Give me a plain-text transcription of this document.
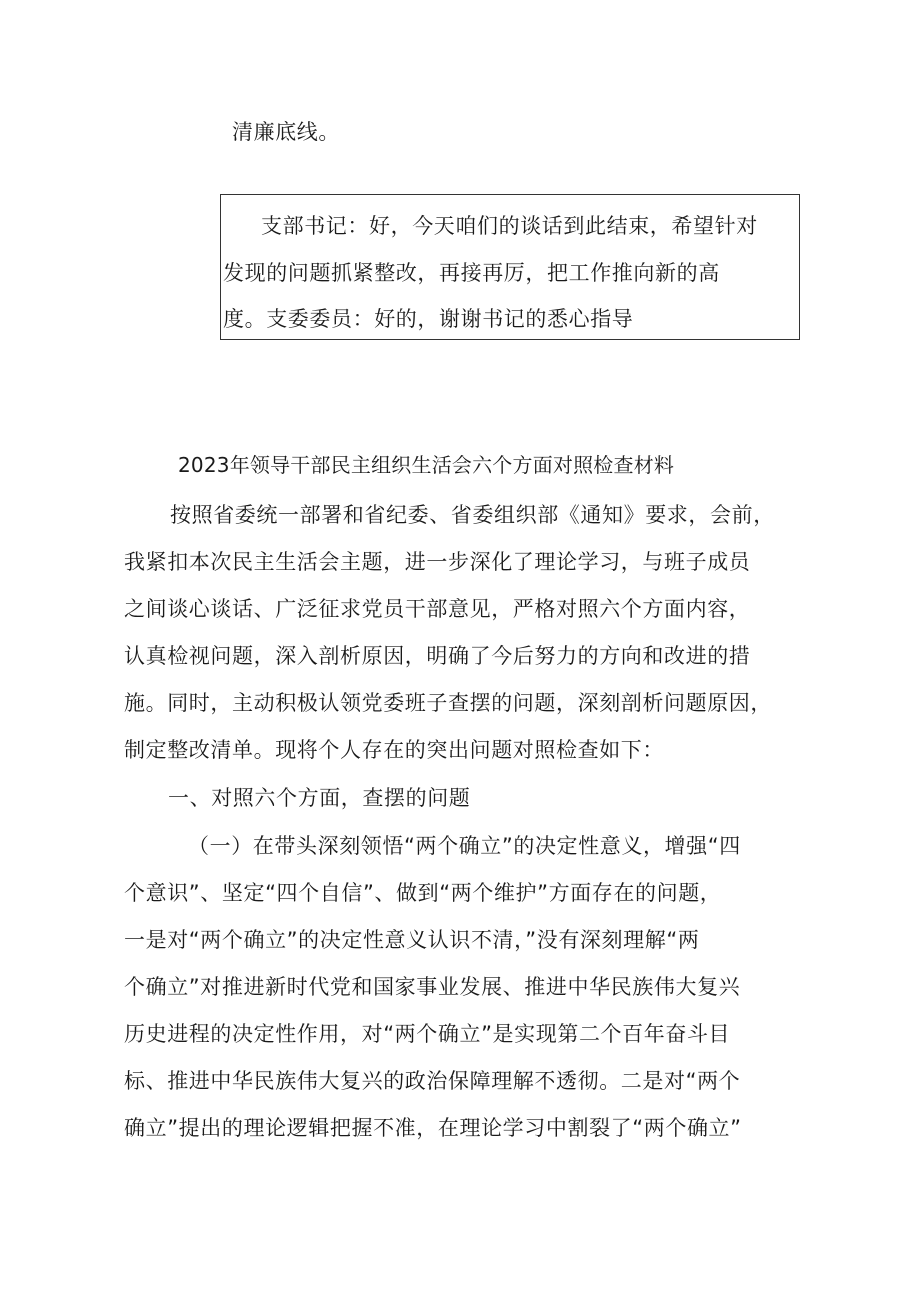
清廉底线。
支部书记：好，今天咱们的谈话到此结束，希望针对
发现的问题抓紧整改，再接再厉，把工作推向新的高
度。支委委员：好的，谢谢书记的悉心指导
2023年领导干部民主组织生活会六个方面对照检查材料
按照省委统一部署和省纪委、省委组织部《通知》要求，会前，
我紧扣本次民主生活会主题，进一步深化了理论学习，与班子成员
之间谈心谈话、广泛征求党员干部意见，严格对照六个方面内容，
认真检视问题，深入剖析原因，明确了今后努力的方向和改进的措
施。同时，主动积极认领党委班子查摆的问题，深刻剖析问题原因，
制定整改清单。现将个人存在的突出问题对照检查如下：
一、对照六个方面，查摆的问题
（一）在带头深刻领悟“两个确立”的决定性意义，增强“四
个意识”、坚定“四个自信”、做到“两个维护”方面存在的问题，
一是对“两个确立”的决定性意义认识不清，”没有深刻理解“两
个确立”对推进新时代党和国家事业发展、推进中华民族伟大复兴
历史进程的决定性作用，对“两个确立”是实现第二个百年奋斗目
标、推进中华民族伟大复兴的政治保障理解不透彻。二是对“两个
确立”提出的理论逻辑把握不准，在理论学习中割裂了“两个确立”
